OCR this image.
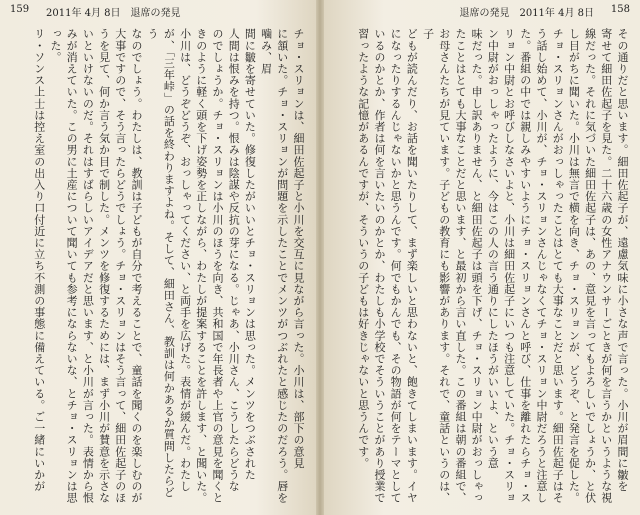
159 2011年 4月 8日　退席の発見

チョ・スリョンは、細田佐起子と小川を交互に見ながら言った。小川は、部下の意見

に頷いた。チョ・スリョンが問題を示したことでメンツがつぶれたと感じたのだろう。唇を噛み、眉

間に皺を寄せていた。修復したがいいとチョ・スリョンは思った。メンツをつぶされた

人間は恨みを持つ。恨みは陰謀や反抗の芽になる。じゃあ、小川さん、こうしたらどうな

のでしょうか。チョ・スリョンは小川のほうを向き、共和国で年長者や上官の意見を聞くと

きのように軽く頭を下げ姿勢を正しながら、わたしが提案することを許します、と聞いた。

小川は、どうぞどうぞ、おっしゃってください、と両手を広げた。表情が緩んだ。わたし

が、「三年峠」の話を終わりますよね。そして、細田さん、教訓は何かあるか質問したらどう

なのでしょう。わたしは、教訓は子どもが自分で考えることで、童話を聞くのを楽しむのが

大事ですので、そう言ったらどうでしょう。チョ・スリョンはそう言って、細田佐起子のほ

うを見て、何か言う気か目で制した。メンツを修復するためには、まず小川が賛意を示さな

いといけないのだ。それはすばらしいアイデアだと思います、と小川が言った。表情から恨

みが消えていた。この男に土産について聞いても参考にならないな、とチョ・スリョンは思

った。

リ・ソンス上士は控え室の出入り口付近に立ち不測の事態に備えている。ご一緒にいかが

退席の発見　2011年 4月 8日 158

その通りだと思います。細田佐起子が、遠慮気味に小さな声で言った。小川が眉間に皺を

寄せて細田佐起子を見た。二十六歳の女性アナウンサーごときが何を言うかというような視

線だった。それに気づいた細田佐起子は、あの、意見を言ってもよろしいでしょうか、と伏

し目がちに聞いた。小川は無言で横を向き、チョ・スリョンが、どうぞ、と発言を促した。

チョ・スリョンさんがおっしゃったことはとても大事なことだと思います。細田佐起子はそ

う話し始めて、小川が、チョ・スリョンさんじゃなくてチョ・スリョン中尉だろうと注意し

た。番組の中では親しみやすいようにチョ・スリョンさんと呼び、仕事を離れたらチョ・ス

リョン中尉とお呼びしなさいよと、小川は細田佐起子にいつも注意していた。チョ・スリョ

ン中尉がおっしゃったように、今はこの人の言う通りにしたほうがいいよ、という意

味だった。申し訳ありません、と細田佐起子は頭を下げ、チョ・スリョン中尉がおっしゃっ

たことはとても大事なことだと思います、と最初から言い直した。この番組は朝の番組で、

お母さんたちが見ています。子どもの教育にも影響があります。それで、童話というのは、子

どもが読んだり、お話を聞いたりして、まず楽しいと思わないと、飽きてしまいます。イヤ

になったりするんじゃないかと思うんです。何でもかんでも、その物語が何をテーマとして

いるのかとか、作者は何を言いたいのかとか、わたしも小学校でそういうことがあり授業で

習ったような記憶があるんですが、そういうの子どもは好きじゃないと思うんです。
